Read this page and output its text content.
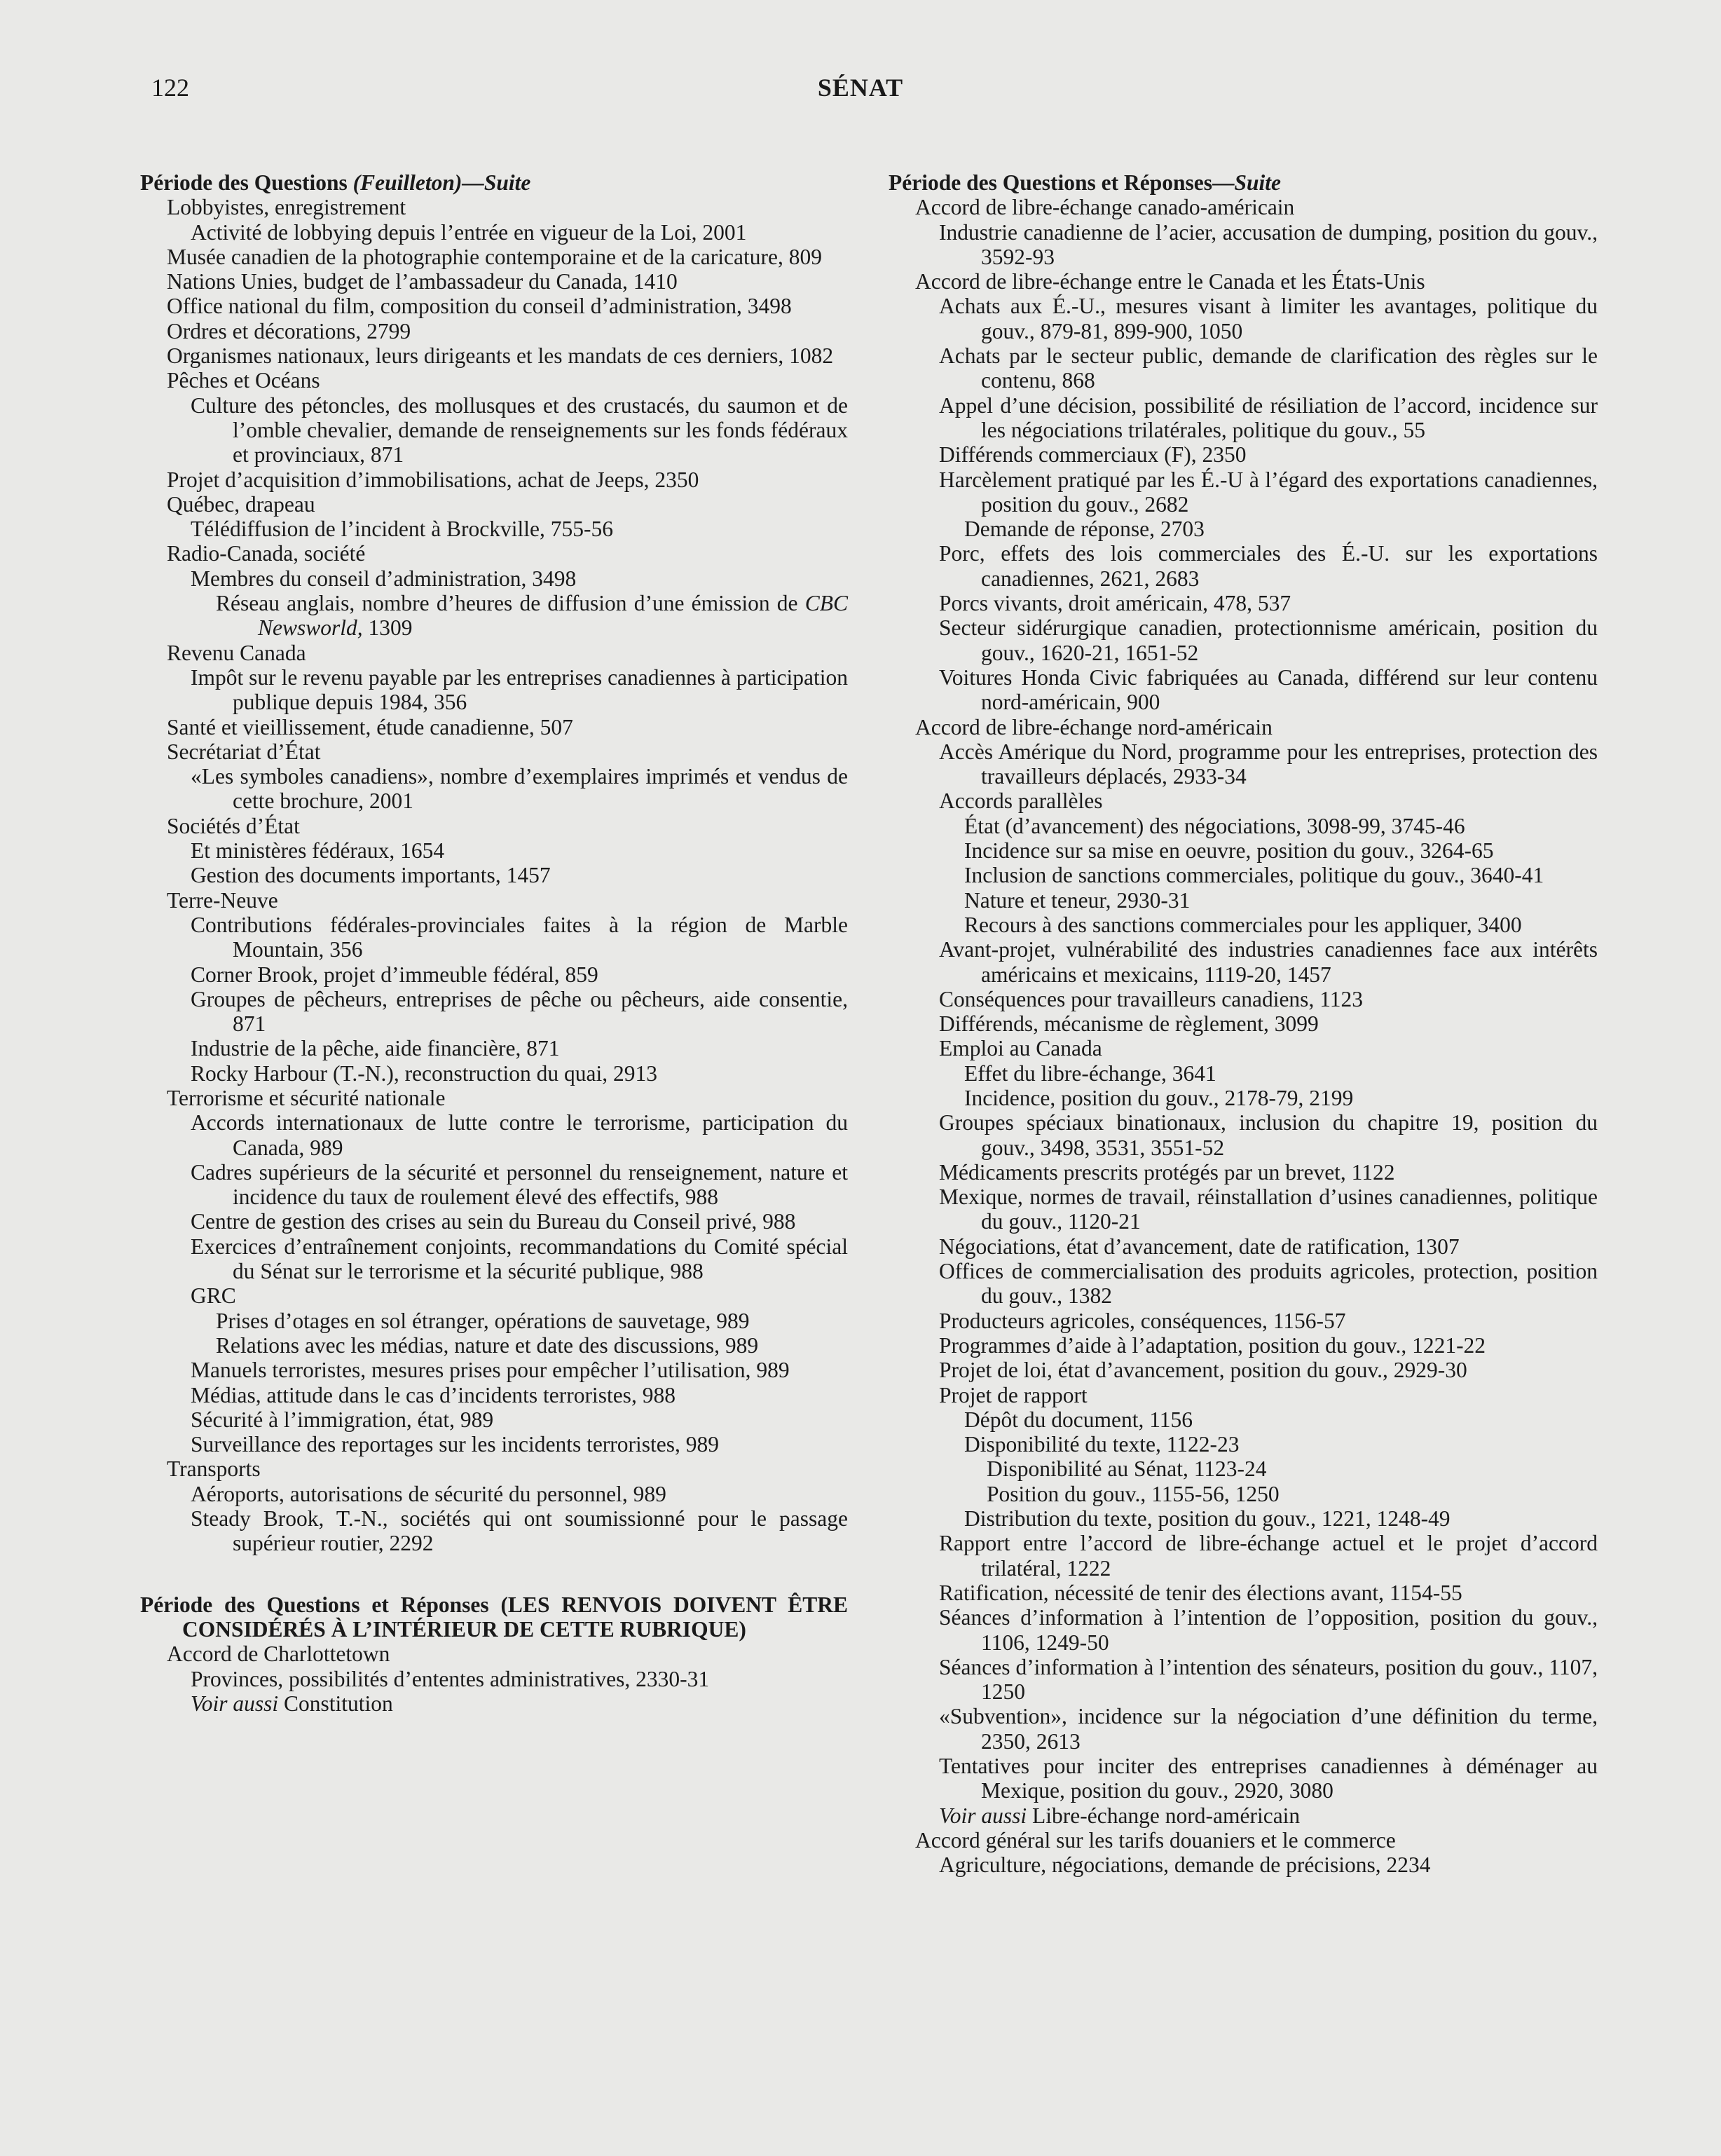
122	SÉNAT

Période des Questions (Feuilleton)—Suite

Lobbyistes, enregistrement

Activité de lobbying depuis l’entrée en vigueur de la Loi, 2001

Musée canadien de la photographie contemporaine et de la caricature, 809

Nations Unies, budget de l’ambassadeur du Canada, 1410

Office national du film, composition du conseil d’administration, 3498

Ordres et décorations, 2799

Organismes nationaux, leurs dirigeants et les mandats de ces derniers, 1082

Pêches et Océans

Culture des pétoncles, des mollusques et des crustacés, du saumon et de l’omble chevalier, demande de renseignements sur les fonds fédéraux et provinciaux, 871

Projet d’acquisition d’immobilisations, achat de Jeeps, 2350

Québec, drapeau

Télédiffusion de l’incident à Brockville, 755-56

Radio-Canada, société

Membres du conseil d’administration, 3498

Réseau anglais, nombre d’heures de diffusion d’une émission de CBC Newsworld, 1309

Revenu Canada

Impôt sur le revenu payable par les entreprises canadiennes à participation publique depuis 1984, 356

Santé et vieillissement, étude canadienne, 507

Secrétariat d’État

«Les symboles canadiens», nombre d’exemplaires imprimés et vendus de cette brochure, 2001

Sociétés d’État

Et ministères fédéraux, 1654

Gestion des documents importants, 1457

Terre-Neuve

Contributions fédérales-provinciales faites à la région de Marble Mountain, 356

Corner Brook, projet d’immeuble fédéral, 859

Groupes de pêcheurs, entreprises de pêche ou pêcheurs, aide consentie, 871

Industrie de la pêche, aide financière, 871

Rocky Harbour (T.-N.), reconstruction du quai, 2913

Terrorisme et sécurité nationale

Accords internationaux de lutte contre le terrorisme, participation du Canada, 989

Cadres supérieurs de la sécurité et personnel du renseignement, nature et incidence du taux de roulement élevé des effectifs, 988

Centre de gestion des crises au sein du Bureau du Conseil privé, 988

Exercices d’entraînement conjoints, recommandations du Comité spécial du Sénat sur le terrorisme et la sécurité publique, 988

GRC

Prises d’otages en sol étranger, opérations de sauvetage, 989

Relations avec les médias, nature et date des discussions, 989

Manuels terroristes, mesures prises pour empêcher l’utilisation, 989

Médias, attitude dans le cas d’incidents terroristes, 988

Sécurité à l’immigration, état, 989

Surveillance des reportages sur les incidents terroristes, 989

Transports

Aéroports, autorisations de sécurité du personnel, 989

Steady Brook, T.-N., sociétés qui ont soumissionné pour le passage supérieur routier, 2292

Période des Questions et Réponses (LES RENVOIS DOIVENT ÊTRE CONSIDÉRÉS À L’INTÉRIEUR DE CETTE RUBRIQUE)

Accord de Charlottetown

Provinces, possibilités d’ententes administratives, 2330-31

Voir aussi Constitution

Période des Questions et Réponses—Suite

Accord de libre-échange canado-américain

Industrie canadienne de l’acier, accusation de dumping, position du gouv., 3592-93

Accord de libre-échange entre le Canada et les États-Unis

Achats aux É.-U., mesures visant à limiter les avantages, politique du gouv., 879-81, 899-900, 1050

Achats par le secteur public, demande de clarification des règles sur le contenu, 868

Appel d’une décision, possibilité de résiliation de l’accord, incidence sur les négociations trilatérales, politique du gouv., 55

Différends commerciaux (F), 2350

Harcèlement pratiqué par les É.-U à l’égard des exportations canadiennes, position du gouv., 2682

Demande de réponse, 2703

Porc, effets des lois commerciales des É.-U. sur les exportations canadiennes, 2621, 2683

Porcs vivants, droit américain, 478, 537

Secteur sidérurgique canadien, protectionnisme américain, position du gouv., 1620-21, 1651-52

Voitures Honda Civic fabriquées au Canada, différend sur leur contenu nord-américain, 900

Accord de libre-échange nord-américain

Accès Amérique du Nord, programme pour les entreprises, protection des travailleurs déplacés, 2933-34

Accords parallèles

État (d’avancement) des négociations, 3098-99, 3745-46

Incidence sur sa mise en oeuvre, position du gouv., 3264-65

Inclusion de sanctions commerciales, politique du gouv., 3640-41

Nature et teneur, 2930-31

Recours à des sanctions commerciales pour les appliquer, 3400

Avant-projet, vulnérabilité des industries canadiennes face aux intérêts américains et mexicains, 1119-20, 1457

Conséquences pour travailleurs canadiens, 1123

Différends, mécanisme de règlement, 3099

Emploi au Canada

Effet du libre-échange, 3641

Incidence, position du gouv., 2178-79, 2199

Groupes spéciaux binationaux, inclusion du chapitre 19, position du gouv., 3498, 3531, 3551-52

Médicaments prescrits protégés par un brevet, 1122

Mexique, normes de travail, réinstallation d’usines canadiennes, politique du gouv., 1120-21

Négociations, état d’avancement, date de ratification, 1307

Offices de commercialisation des produits agricoles, protection, position du gouv., 1382

Producteurs agricoles, conséquences, 1156-57

Programmes d’aide à l’adaptation, position du gouv., 1221-22

Projet de loi, état d’avancement, position du gouv., 2929-30

Projet de rapport

Dépôt du document, 1156

Disponibilité du texte, 1122-23

Disponibilité au Sénat, 1123-24

Position du gouv., 1155-56, 1250

Distribution du texte, position du gouv., 1221, 1248-49

Rapport entre l’accord de libre-échange actuel et le projet d’accord trilatéral, 1222

Ratification, nécessité de tenir des élections avant, 1154-55

Séances d’information à l’intention de l’opposition, position du gouv., 1106, 1249-50

Séances d’information à l’intention des sénateurs, position du gouv., 1107, 1250

«Subvention», incidence sur la négociation d’une définition du terme, 2350, 2613

Tentatives pour inciter des entreprises canadiennes à déménager au Mexique, position du gouv., 2920, 3080

Voir aussi Libre-échange nord-américain

Accord général sur les tarifs douaniers et le commerce

Agriculture, négociations, demande de précisions, 2234
